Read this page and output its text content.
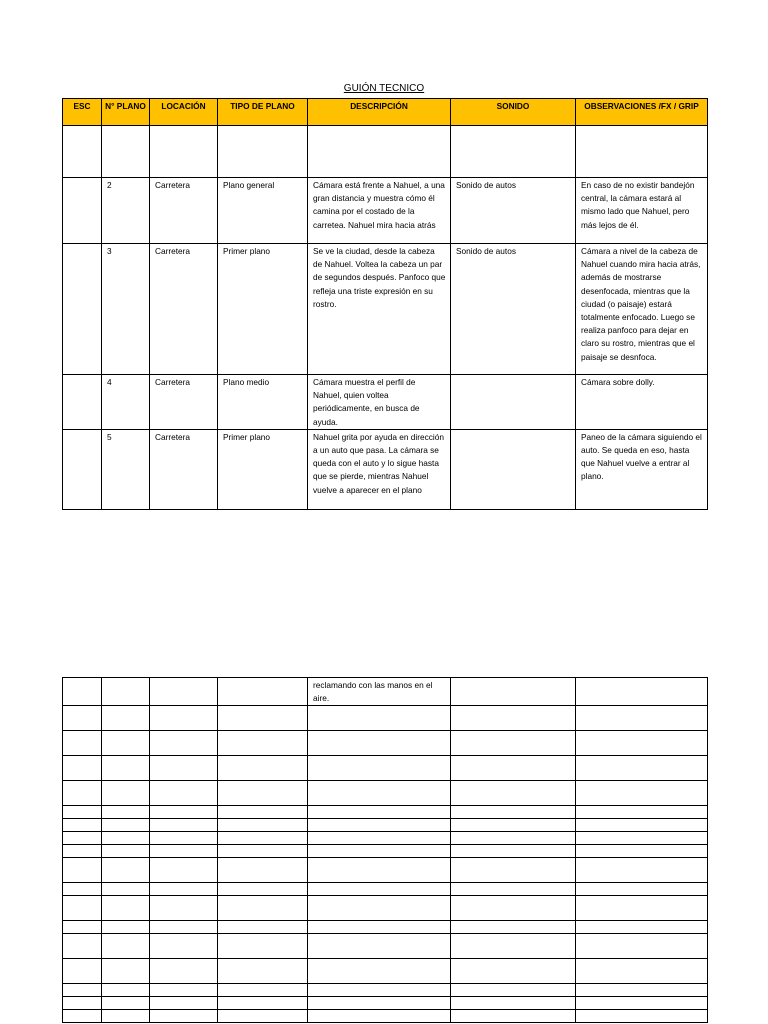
GUIÓN TECNICO
ESC	N° PLANO	LOCACIÓN	TIPO DE PLANO	DESCRIPCIÓN	SONIDO	OBSERVACIONES /FX / GRIP

	2	Carretera	Plano general	Cámara está frente a Nahuel, a una gran distancia y muestra cómo él camina por el costado de la carretea. Nahuel mira hacia atrás	Sonido de autos	En caso de no existir bandejón central, la cámara estará al mismo lado que Nahuel, pero más lejos de él.
	3	Carretera	Primer plano	Se ve la ciudad, desde la cabeza de Nahuel. Voltea la cabeza un par de segundos después. Panfoco que refleja una triste expresión en su rostro.	Sonido de autos	Cámara a nivel de la cabeza de Nahuel cuando mira hacia atrás, además de mostrarse desenfocada, mientras que la ciudad (o paisaje) estará totalmente enfocado. Luego se realiza panfoco para dejar en claro su rostro, mientras que el paisaje se desnfoca.
	4	Carretera	Plano medio	Cámara muestra el perfil de Nahuel, quien voltea periódicamente, en busca de ayuda.		Cámara sobre dolly.
	5	Carretera	Primer plano	Nahuel grita por ayuda en dirección a un auto que pasa. La cámara se queda con el auto y lo sigue hasta que se pierde, mientras Nahuel vuelve a aparecer en el plano		Paneo de la cámara siguiendo el auto. Se queda en eso, hasta que Nahuel vuelve a entrar al plano.
				reclamando con las manos en el aire.		
